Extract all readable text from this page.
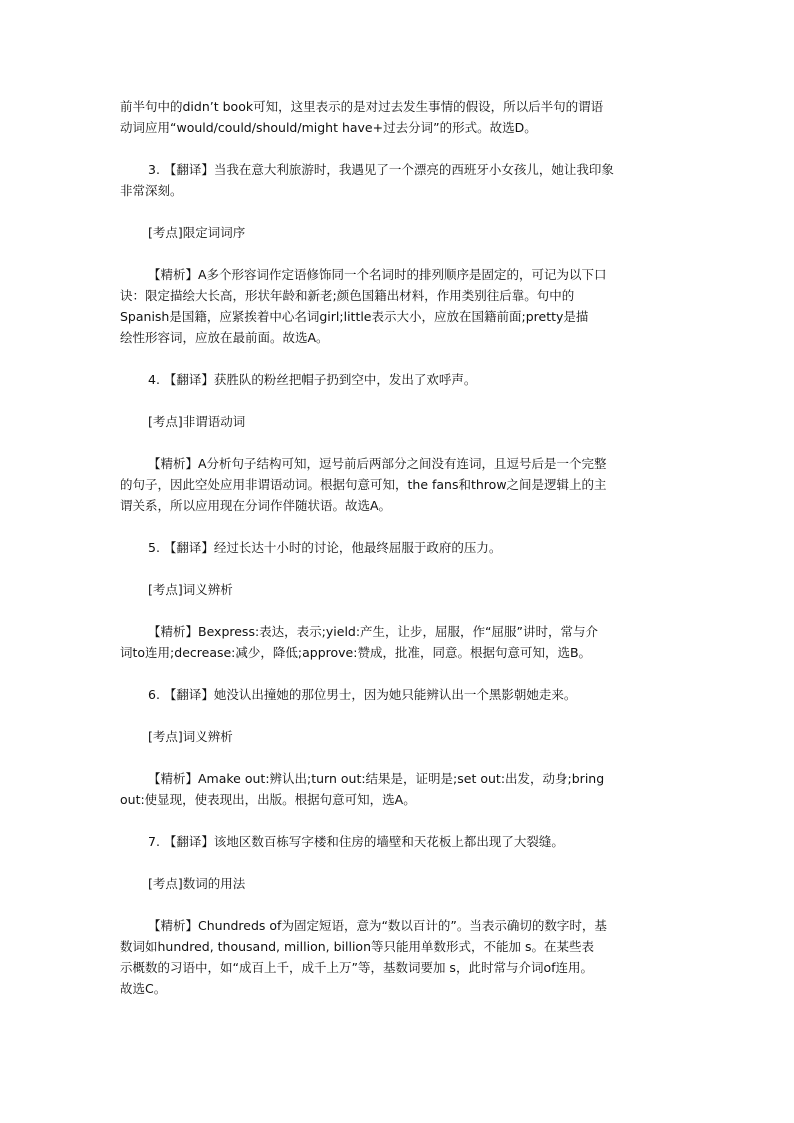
前半句中的didn’t book可知，这里表示的是对过去发生事情的假设，所以后半句的谓语
动词应用“would/could/should/might have+过去分词”的形式。故选D。
3. 【翻译】当我在意大利旅游时，我遇见了一个漂亮的西班牙小女孩儿，她让我印象
非常深刻。
[考点]限定词词序
【精析】A多个形容词作定语修饰同一个名词时的排列顺序是固定的，可记为以下口
诀：限定描绘大长高，形状年龄和新老;颜色国籍出材料，作用类别往后靠。句中的
Spanish是国籍，应紧挨着中心名词girl;little表示大小，应放在国籍前面;pretty是描
绘性形容词，应放在最前面。故选A。
4. 【翻译】获胜队的粉丝把帽子扔到空中，发出了欢呼声。
[考点]非谓语动词
【精析】A分析句子结构可知，逗号前后两部分之间没有连词，且逗号后是一个完整
的句子，因此空处应用非谓语动词。根据句意可知，the fans和throw之间是逻辑上的主
谓关系，所以应用现在分词作伴随状语。故选A。
5. 【翻译】经过长达十小时的讨论，他最终屈服于政府的压力。
[考点]词义辨析
【精析】Bexpress:表达，表示;yield:产生，让步，屈服，作“屈服”讲时，常与介
词to连用;decrease:减少，降低;approve:赞成，批准，同意。根据句意可知，选B。
6. 【翻译】她没认出撞她的那位男士，因为她只能辨认出一个黑影朝她走来。
[考点]词义辨析
【精析】Amake out:辨认出;turn out:结果是，证明是;set out:出发，动身;bring
out:使显现，使表现出，出版。根据句意可知，选A。
7. 【翻译】该地区数百栋写字楼和住房的墙壁和天花板上都出现了大裂缝。
[考点]数词的用法
【精析】Chundreds of为固定短语，意为“数以百计的”。当表示确切的数字时，基
数词如hundred, thousand, million, billion等只能用单数形式，不能加 s。在某些表
示概数的习语中，如“成百上千，成千上万”等，基数词要加 s，此时常与介词of连用。
故选C。
